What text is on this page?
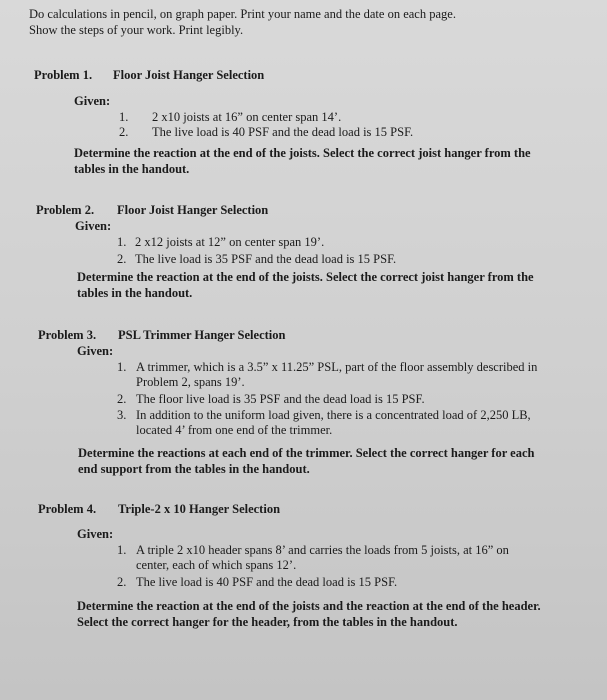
Do calculations in pencil, on graph paper. Print your name and the date on each page.
Show the steps of your work. Print legibly.
Problem 1. Floor Joist Hanger Selection
Given:
1.	2 x10 joists at 16” on center span 14’.
2.	The live load is 40 PSF and the dead load is 15 PSF.
Determine the reaction at the end of the joists. Select the correct joist hanger from the
tables in the handout.
Problem 2. Floor Joist Hanger Selection
Given:
1. 2 x12 joists at 12” on center span 19’.
2. The live load is 35 PSF and the dead load is 15 PSF.
Determine the reaction at the end of the joists. Select the correct joist hanger from the
tables in the handout.
Problem 3. PSL Trimmer Hanger Selection
Given:
1. A trimmer, which is a 3.5” x 11.25” PSL, part of the floor assembly described in
Problem 2, spans 19’.
2. The floor live load is 35 PSF and the dead load is 15 PSF.
3. In addition to the uniform load given, there is a concentrated load of 2,250 LB,
located 4’ from one end of the trimmer.
Determine the reactions at each end of the trimmer. Select the correct hanger for each
end support from the tables in the handout.
Problem 4. Triple-2 x 10 Hanger Selection
Given:
1. A triple 2 x10 header spans 8’ and carries the loads from 5 joists, at 16” on
center, each of which spans 12’.
2. The live load is 40 PSF and the dead load is 15 PSF.
Determine the reaction at the end of the joists and the reaction at the end of the header.
Select the correct hanger for the header, from the tables in the handout.
